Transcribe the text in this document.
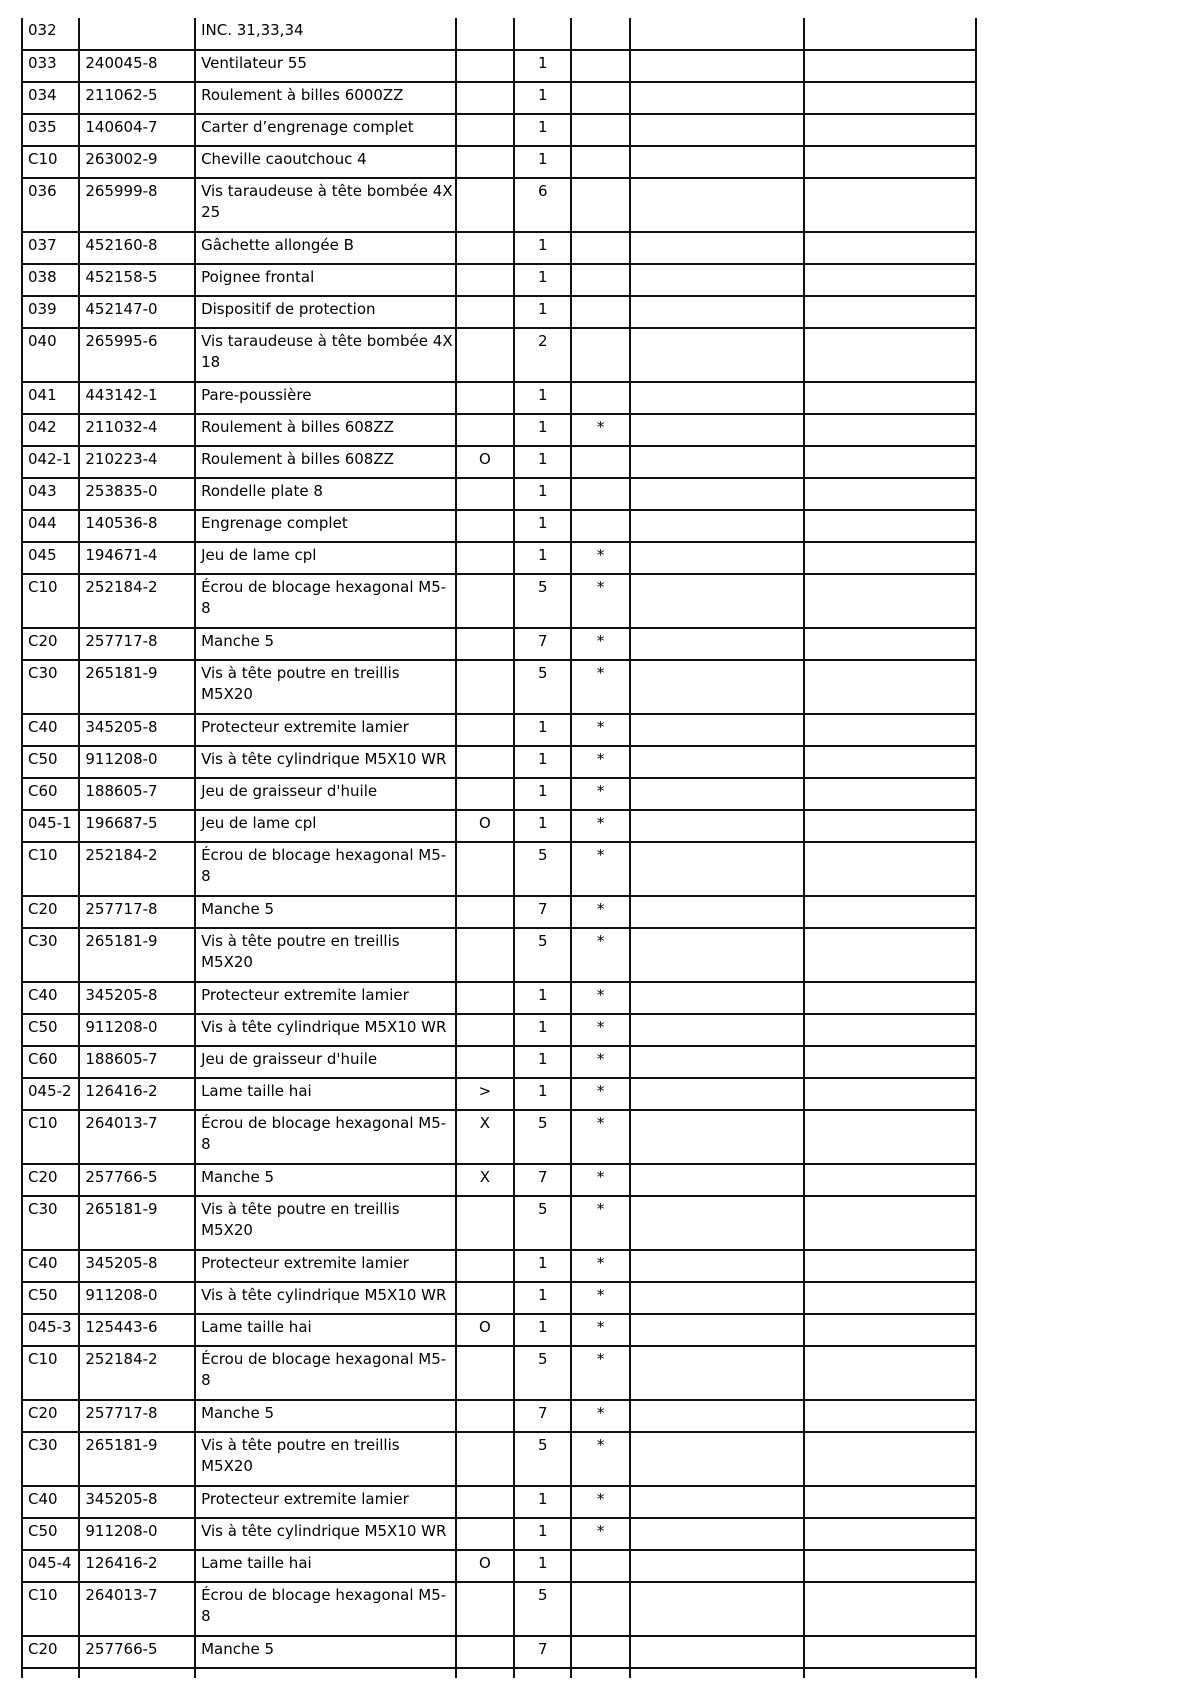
032		INC. 31,33,34					
033	240045-8	Ventilateur 55		1			
034	211062-5	Roulement à billes 6000ZZ		1			
035	140604-7	Carter d’engrenage complet		1			
C10	263002-9	Cheville caoutchouc 4		1			
036	265999-8	Vis taraudeuse à tête bombée 4X 25		6			
037	452160-8	Gâchette allongée B		1			
038	452158-5	Poignee frontal		1			
039	452147-0	Dispositif de protection		1			
040	265995-6	Vis taraudeuse à tête bombée 4X 18		2			
041	443142-1	Pare-poussière		1			
042	211032-4	Roulement à billes 608ZZ		1	*		
042-1	210223-4	Roulement à billes 608ZZ	O	1			
043	253835-0	Rondelle plate 8		1			
044	140536-8	Engrenage complet		1			
045	194671-4	Jeu de lame cpl		1	*		
C10	252184-2	Écrou de blocage hexagonal M5-8		5	*		
C20	257717-8	Manche 5		7	*		
C30	265181-9	Vis à tête poutre en treillis M5X20		5	*		
C40	345205-8	Protecteur extremite lamier		1	*		
C50	911208-0	Vis à tête cylindrique M5X10 WR		1	*		
C60	188605-7	Jeu de graisseur d'huile		1	*		
045-1	196687-5	Jeu de lame cpl	O	1	*		
C10	252184-2	Écrou de blocage hexagonal M5-8		5	*		
C20	257717-8	Manche 5		7	*		
C30	265181-9	Vis à tête poutre en treillis M5X20		5	*		
C40	345205-8	Protecteur extremite lamier		1	*		
C50	911208-0	Vis à tête cylindrique M5X10 WR		1	*		
C60	188605-7	Jeu de graisseur d'huile		1	*		
045-2	126416-2	Lame taille hai	>	1	*		
C10	264013-7	Écrou de blocage hexagonal M5-8	X	5	*		
C20	257766-5	Manche 5	X	7	*		
C30	265181-9	Vis à tête poutre en treillis M5X20		5	*		
C40	345205-8	Protecteur extremite lamier		1	*		
C50	911208-0	Vis à tête cylindrique M5X10 WR		1	*		
045-3	125443-6	Lame taille hai	O	1	*		
C10	252184-2	Écrou de blocage hexagonal M5-8		5	*		
C20	257717-8	Manche 5		7	*		
C30	265181-9	Vis à tête poutre en treillis M5X20		5	*		
C40	345205-8	Protecteur extremite lamier		1	*		
C50	911208-0	Vis à tête cylindrique M5X10 WR		1	*		
045-4	126416-2	Lame taille hai	O	1			
C10	264013-7	Écrou de blocage hexagonal M5-8		5			
C20	257766-5	Manche 5		7			
